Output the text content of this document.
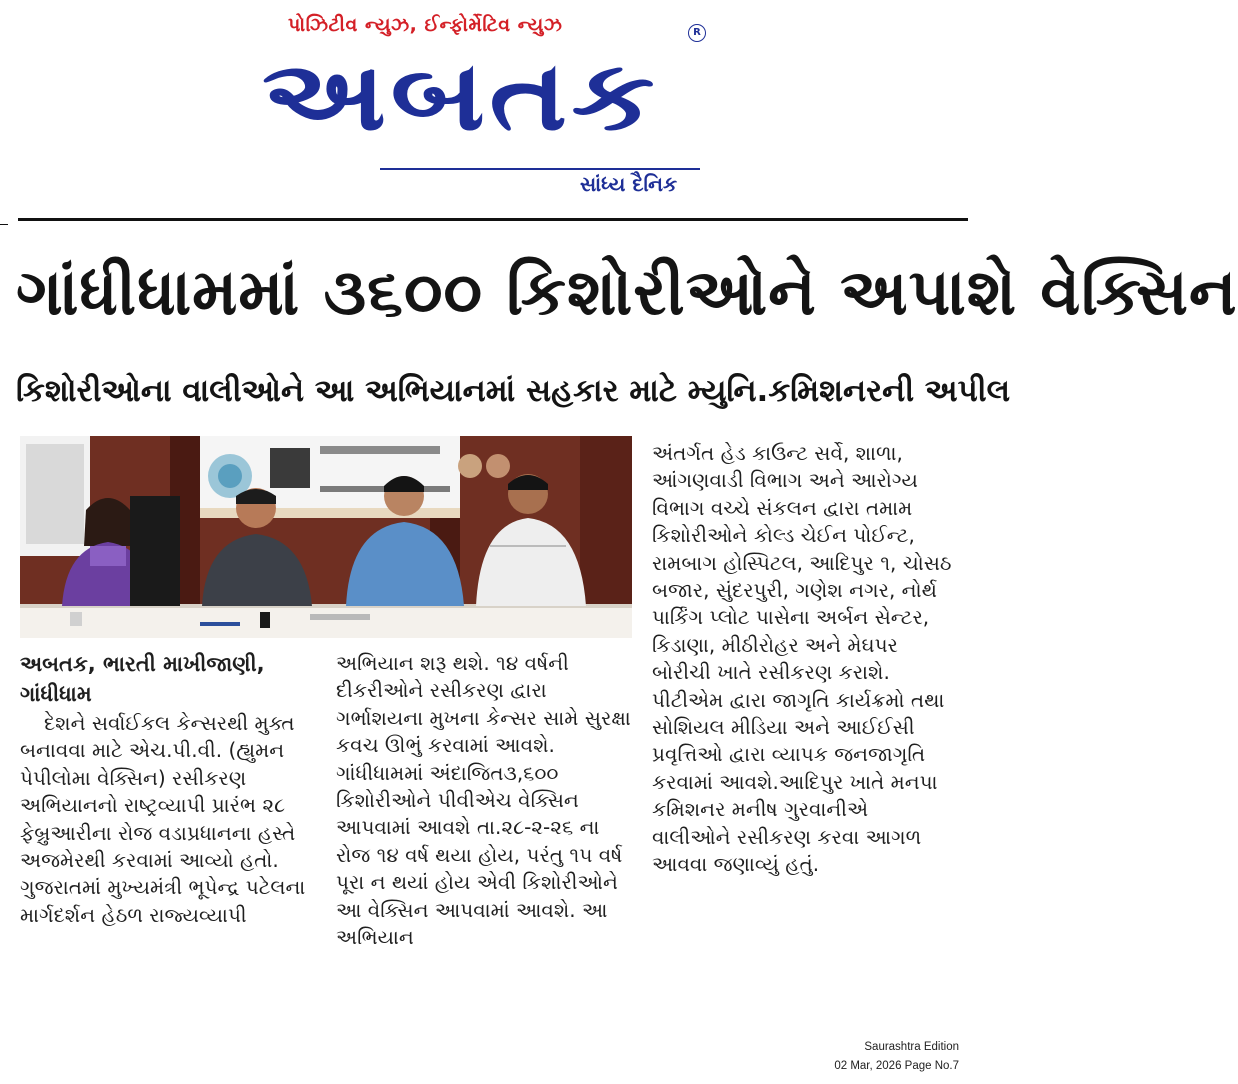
પોઝિટીવ ન્યુઝ, ઈન્ફોર્મેટિવ ન્યુઝ
અબતક
R
સાંધ્ય દૈનિક
ગાંધીધામમાં ૩૬૦૦ કિશોરીઓને અપાશે વેક્સિન
કિશોરીઓના વાલીઓને આ અભિયાનમાં સહકાર માટે મ્યુનિ.કમિશનરની અપીલ
અબતક, ભારતી માખીજાણી,
ગાંધીધામ

દેશને સર્વાઈકલ કેન્સરથી મુક્ત બનાવવા માટે એચ.પી.વી. (હ્યુમન પેપીલોમા વેક્સિન) રસીકરણ અભિયાનનો રાષ્ટ્રવ્યાપી પ્રારંભ ૨૮ ફેબ્રુઆરીના રોજ વડાપ્રધાનના હસ્તે અજમેરથી કરવામાં આવ્યો હતો. ગુજરાતમાં મુખ્યમંત્રી ભૂપેન્દ્ર પટેલના માર્ગદર્શન હેઠળ રાજ્યવ્યાપી

અભિયાન શરૂ થશે. ૧૪ વર્ષની દીકરીઓને રસીકરણ દ્વારા ગર્ભાશયના મુખના કેન્સર સામે સુરક્ષા કવચ ઊભું કરવામાં આવશે. ગાંધીધામમાં અંદાજિત૩,૬૦૦ કિશોરીઓને પીવીએચ વેક્સિન આપવામાં આવશે તા.૨૮-૨-૨૬ ના રોજ ૧૪ વર્ષ થયા હોય, પરંતુ ૧૫ વર્ષ પૂરા ન થયાં હોય એવી કિશોરીઓને આ વેક્સિન આપવામાં આવશે. આ અભિયાન

અંતર્ગત હેડ કાઉન્ટ સર્વે, શાળા, આંગણવાડી વિભાગ અને આરોગ્ય વિભાગ વચ્ચે સંકલન દ્વારા તમામ કિશોરીઓને કોલ્ડ ચેઈન પોઈન્ટ, રામબાગ હોસ્પિટલ, આદિપુર ૧, ચોસઠ બજાર, સુંદરપુરી, ગણેશ નગર, નોર્થ પાર્કિંગ પ્લોટ પાસેના અર્બન સેન્ટર, કિડાણા, મીઠીરોહર અને મેઘપર બોરીચી ખાતે રસીકરણ કરાશે. પીટીએમ દ્વારા જાગૃતિ કાર્યક્રમો તથા સોશિયલ મીડિયા અને આઈઈસી પ્રવૃત્તિઓ દ્વારા વ્યાપક જનજાગૃતિ કરવામાં આવશે.આદિપુર ખાતે મનપા કમિશનર મનીષ ગુરવાનીએ વાલીઓને રસીકરણ કરવા આગળ આવવા જણાવ્યું હતું.

Saurashtra Edition
02 Mar, 2026 Page No.7
